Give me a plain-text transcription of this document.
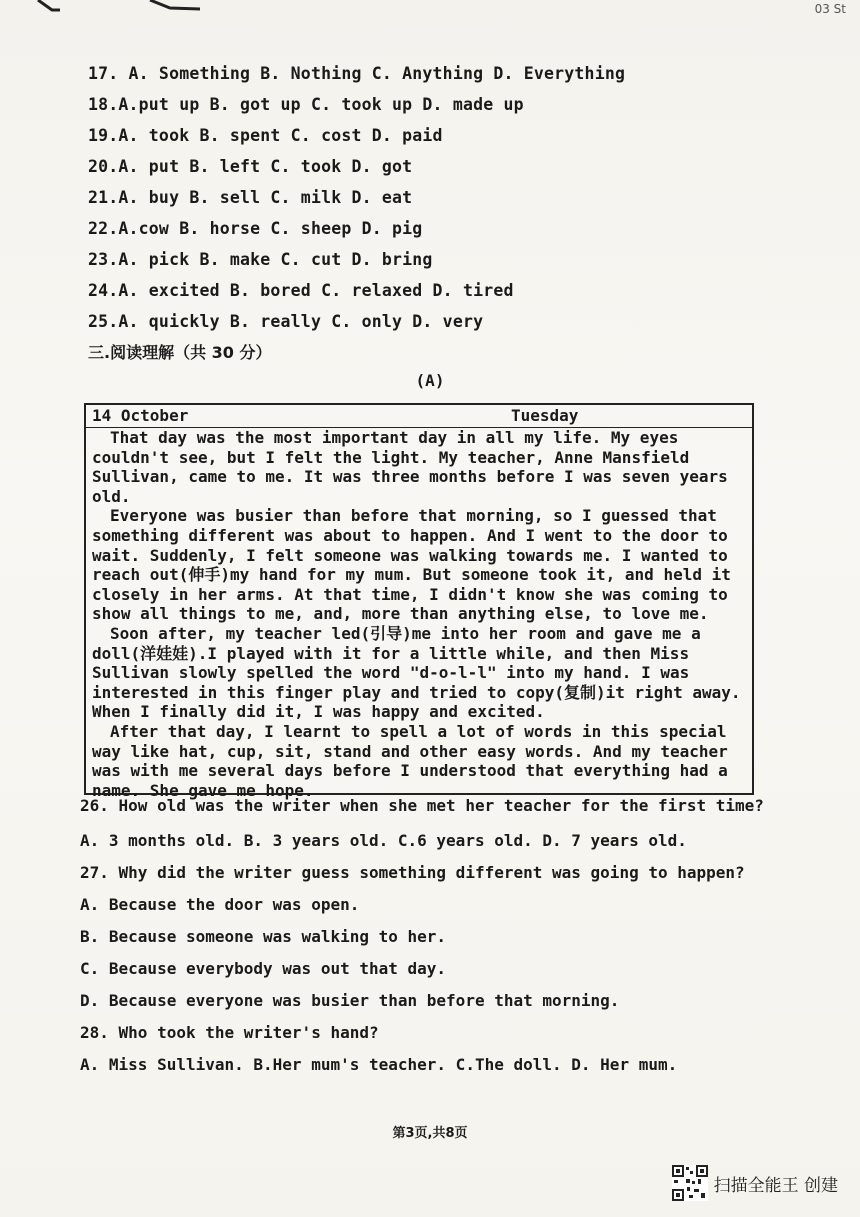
03 St
17. A. Something B. Nothing C. Anything D. Everything
18.A.put up B. got up C. took up D. made up
19.A. took B. spent C. cost D. paid
20.A. put B. left C. took D. got
21.A. buy B. sell C. milk D. eat
22.A.cow B. horse C. sheep D. pig
23.A. pick B. make C. cut D. bring
24.A. excited B. bored C. relaxed D. tired
25.A. quickly B. really C. only D. very
三.阅读理解（共 30 分）
(A)
14 October	Tuesday

That day was the most important day in all my life. My eyes couldn't see, but I felt the light. My teacher, Anne Mansfield Sullivan, came to me. It was three months before I was seven years old.

Everyone was busier than before that morning, so I guessed that something different was about to happen. And I went to the door to wait. Suddenly, I felt someone was walking towards me. I wanted to reach out(伸手)my hand for my mum. But someone took it, and held it closely in her arms. At that time, I didn't know she was coming to show all things to me, and, more than anything else, to love me.

Soon after, my teacher led(引导)me into her room and gave me a doll(洋娃娃).I played with it for a little while, and then Miss Sullivan slowly spelled the word "d-o-l-l" into my hand. I was interested in this finger play and tried to copy(复制)it right away. When I finally did it, I was happy and excited.

After that day, I learnt to spell a lot of words in this special way like hat, cup, sit, stand and other easy words. And my teacher was with me several days before I understood that everything had a name. She gave me hope.

26. How old was the writer when she met her teacher for the first time?

A. 3 months old. B. 3 years old. C.6 years old. D. 7 years old.

27. Why did the writer guess something different was going to happen?

A. Because the door was open.
B. Because someone was walking to her.
C. Because everybody was out that day.
D. Because everyone was busier than before that morning.
28. Who took the writer's hand?
A. Miss Sullivan. B.Her mum's teacher. C.The doll. D. Her mum.
第3页,共8页
扫描全能王 创建
